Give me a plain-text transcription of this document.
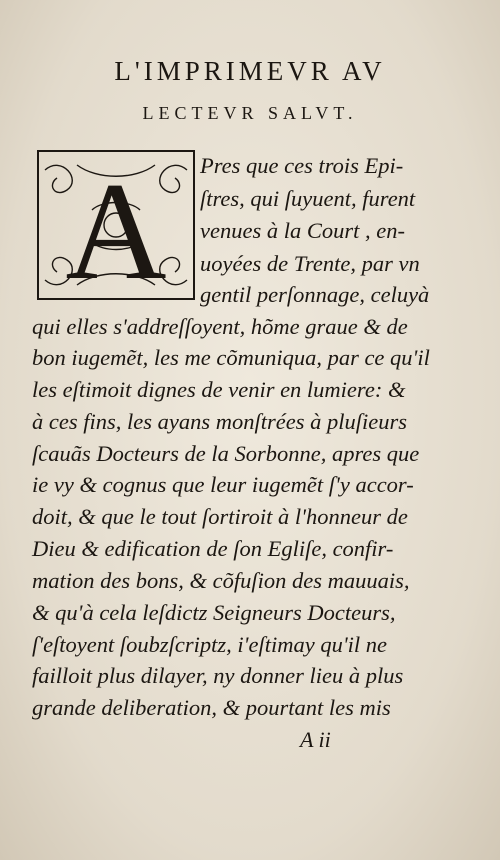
L'IMPRIMEVR AV
LECTEVR SALVT.
A Pres que ces trois Epi-
ſtres, qui ſuyuent, furent
venues à la Court , en-
uoyées de Trente, par vn
gentil perſonnage, celuyà
qui elles s'addreſſoyent, hõme graue & de
bon iugemẽt, les me cõmuniqua, par ce qu'il
les eſtimoit dignes de venir en lumiere: &
à ces fins, les ayans monſtrées à pluſieurs
ſcauãs Docteurs de la Sorbonne, apres que
ie vy & cognus que leur iugemẽt ſ'y accor-
doit, & que le tout ſortiroit à l'honneur de
Dieu & edification de ſon Egliſe, confir-
mation des bons, & cõfuſion des mauuais,
& qu'à cela leſdictz Seigneurs Docteurs,
ſ'eſtoyent ſoubzſcriptz, i'eſtimay qu'il ne
failloit plus dilayer, ny donner lieu à plus
grande deliberation, & pourtant les mis
A ii
